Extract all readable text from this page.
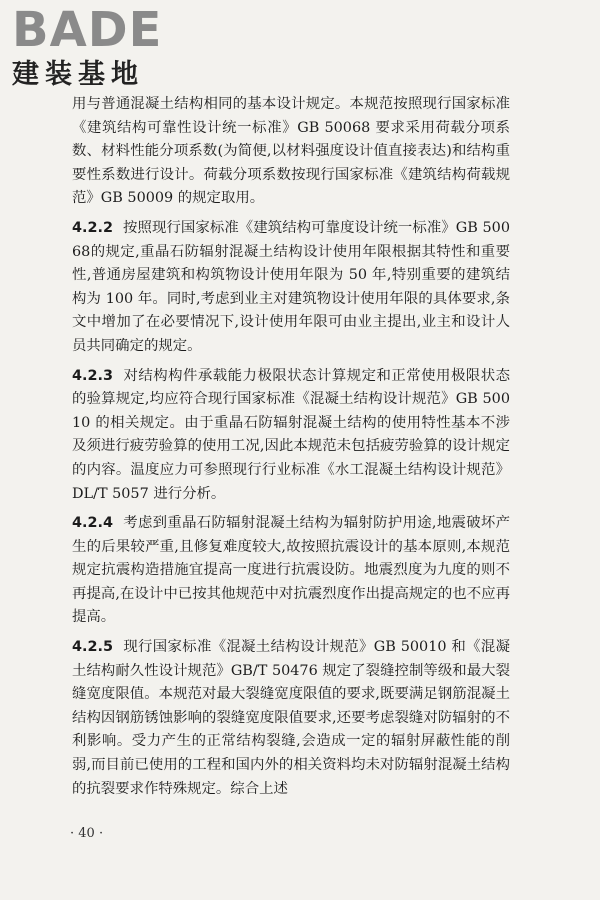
BADE
建装基地

用与普通混凝土结构相同的基本设计规定。本规范按照现行国家标准《建筑结构可靠性设计统一标准》GB 50068 要求采用荷载分项系数、材料性能分项系数(为简便,以材料强度设计值直接表达)和结构重要性系数进行设计。荷载分项系数按现行国家标准《建筑结构荷载规范》GB 50009 的规定取用。

4.2.2 按照现行国家标准《建筑结构可靠度设计统一标准》GB 50068的规定,重晶石防辐射混凝土结构设计使用年限根据其特性和重要性,普通房屋建筑和构筑物设计使用年限为 50 年,特别重要的建筑结构为 100 年。同时,考虑到业主对建筑物设计使用年限的具体要求,条文中增加了在必要情况下,设计使用年限可由业主提出,业主和设计人员共同确定的规定。

4.2.3 对结构构件承载能力极限状态计算规定和正常使用极限状态的验算规定,均应符合现行国家标准《混凝土结构设计规范》GB 50010 的相关规定。由于重晶石防辐射混凝土结构的使用特性基本不涉及须进行疲劳验算的使用工况,因此本规范未包括疲劳验算的设计规定的内容。温度应力可参照现行行业标准《水工混凝土结构设计规范》DL/T 5057 进行分析。

4.2.4 考虑到重晶石防辐射混凝土结构为辐射防护用途,地震破坏产生的后果较严重,且修复难度较大,故按照抗震设计的基本原则,本规范规定抗震构造措施宜提高一度进行抗震设防。地震烈度为九度的则不再提高,在设计中已按其他规范中对抗震烈度作出提高规定的也不应再提高。

4.2.5 现行国家标准《混凝土结构设计规范》GB 50010 和《混凝土结构耐久性设计规范》GB/T 50476 规定了裂缝控制等级和最大裂缝宽度限值。本规范对最大裂缝宽度限值的要求,既要满足钢筋混凝土结构因钢筋锈蚀影响的裂缝宽度限值要求,还要考虑裂缝对防辐射的不利影响。受力产生的正常结构裂缝,会造成一定的辐射屏蔽性能的削弱,而目前已使用的工程和国内外的相关资料均未对防辐射混凝土结构的抗裂要求作特殊规定。综合上述

· 40 ·
